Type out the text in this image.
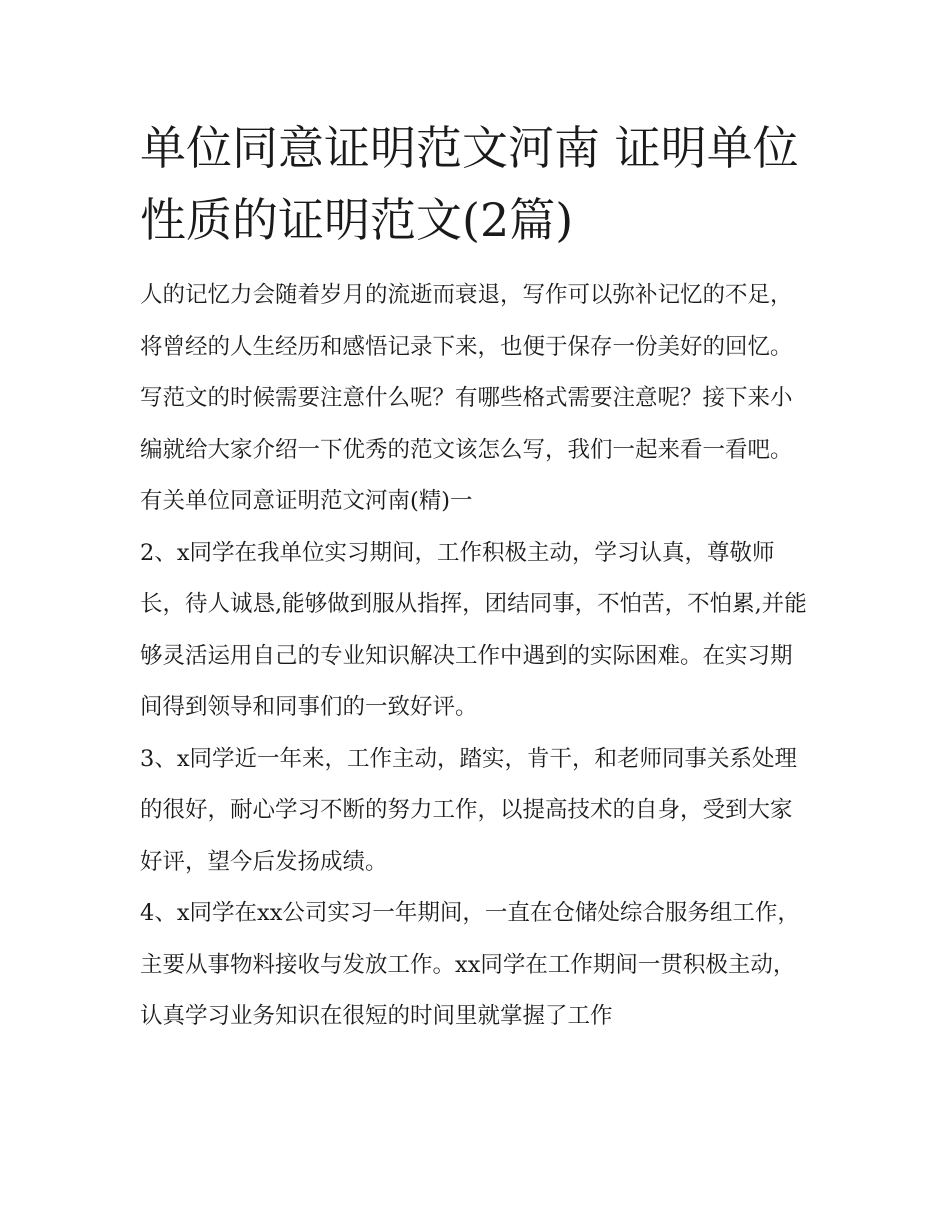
单位同意证明范文河南 证明单位性质的证明范文(2篇)

人的记忆力会随着岁月的流逝而衰退，写作可以弥补记忆的不足，将曾经的人生经历和感悟记录下来，也便于保存一份美好的回忆。写范文的时候需要注意什么呢？有哪些格式需要注意呢？接下来小编就给大家介绍一下优秀的范文该怎么写，我们一起来看一看吧。

有关单位同意证明范文河南(精)一

2、x同学在我单位实习期间，工作积极主动，学习认真，尊敬师长，待人诚恳,能够做到服从指挥，团结同事，不怕苦，不怕累,并能够灵活运用自己的专业知识解决工作中遇到的实际困难。在实习期间得到领导和同事们的一致好评。

3、x同学近一年来，工作主动，踏实，肯干，和老师同事关系处理的很好，耐心学习不断的努力工作，以提高技术的自身，受到大家好评，望今后发扬成绩。

4、x同学在xx公司实习一年期间，一直在仓储处综合服务组工作，主要从事物料接收与发放工作。xx同学在工作期间一贯积极主动，认真学习业务知识在很短的时间里就掌握了工作
